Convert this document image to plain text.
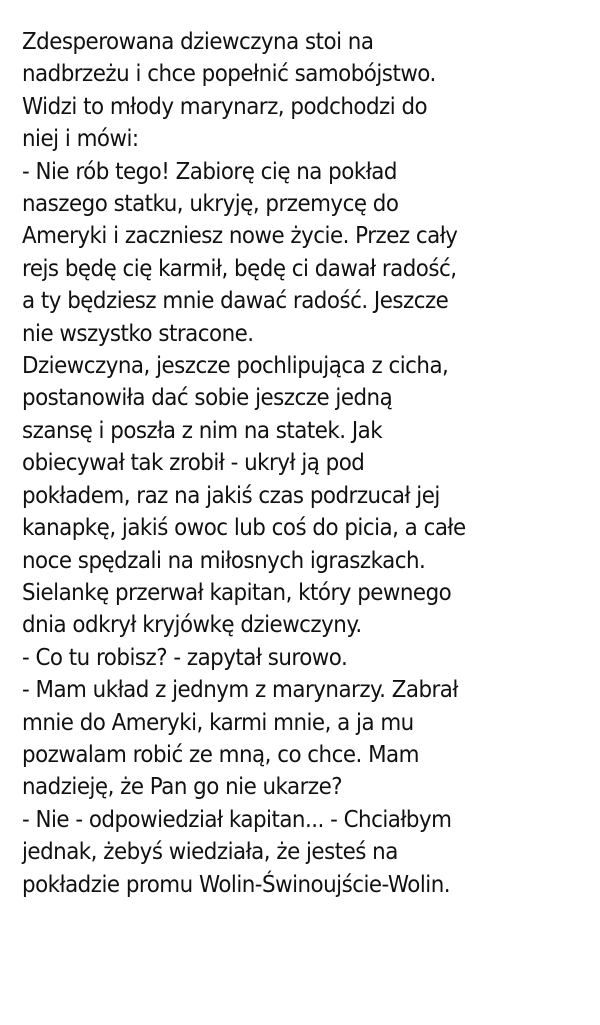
Zdesperowana dziewczyna stoi na
nadbrzeżu i chce popełnić samobójstwo.
Widzi to młody marynarz, podchodzi do
niej i mówi:
- Nie rób tego! Zabiorę cię na pokład
naszego statku, ukryję, przemycę do
Ameryki i zaczniesz nowe życie. Przez cały
rejs będę cię karmił, będę ci dawał radość,
a ty będziesz mnie dawać radość. Jeszcze
nie wszystko stracone.
Dziewczyna, jeszcze pochlipująca z cicha,
postanowiła dać sobie jeszcze jedną
szansę i poszła z nim na statek. Jak
obiecywał tak zrobił - ukrył ją pod
pokładem, raz na jakiś czas podrzucał jej
kanapkę, jakiś owoc lub coś do picia, a całe
noce spędzali na miłosnych igraszkach.
Sielankę przerwał kapitan, który pewnego
dnia odkrył kryjówkę dziewczyny.
- Co tu robisz? - zapytał surowo.
- Mam układ z jednym z marynarzy. Zabrał
mnie do Ameryki, karmi mnie, a ja mu
pozwalam robić ze mną, co chce. Mam
nadzieję, że Pan go nie ukarze?
- Nie - odpowiedział kapitan... - Chciałbym
jednak, żebyś wiedziała, że jesteś na
pokładzie promu Wolin-Świnoujście-Wolin.
